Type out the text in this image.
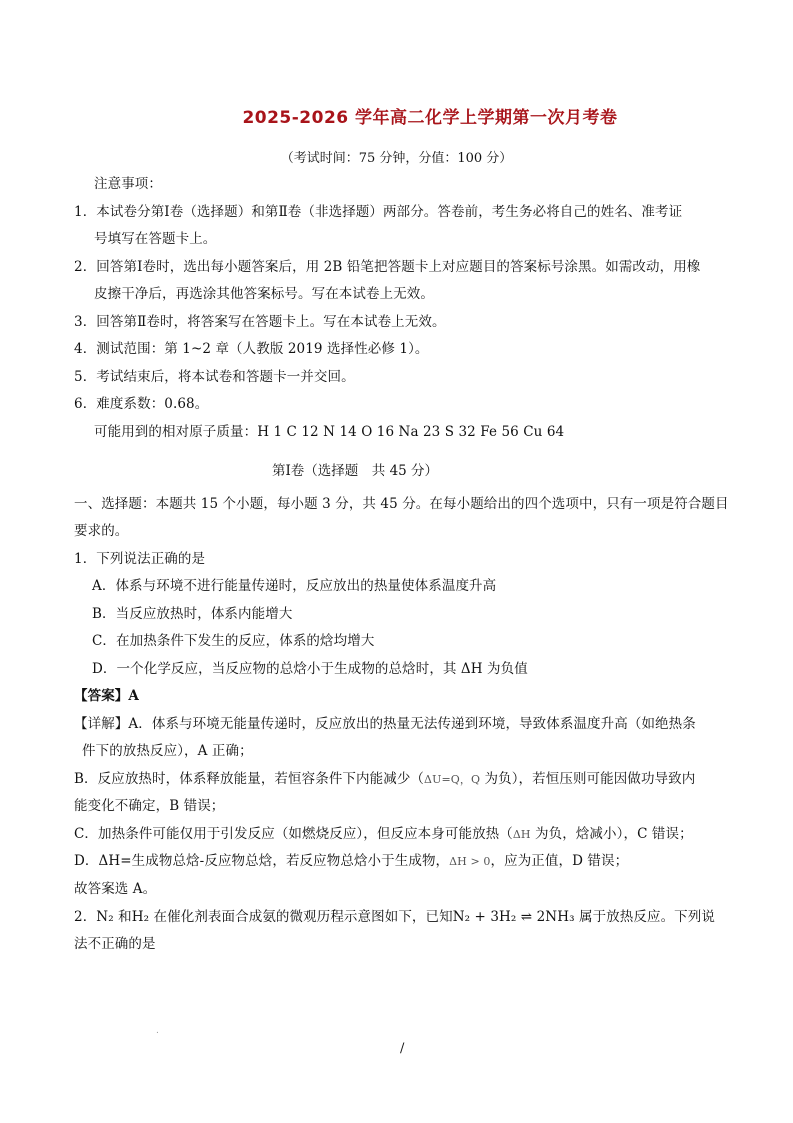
2025-2026 学年高二化学上学期第一次月考卷
（考试时间：75 分钟，分值：100 分）
注意事项：
1．本试卷分第Ⅰ卷（选择题）和第Ⅱ卷（非选择题）两部分。答卷前，考生务必将自己的姓名、准考证
号填写在答题卡上。
2．回答第Ⅰ卷时，选出每小题答案后，用 2B 铅笔把答题卡上对应题目的答案标号涂黑。如需改动，用橡
皮擦干净后，再选涂其他答案标号。写在本试卷上无效。
3．回答第Ⅱ卷时，将答案写在答题卡上。写在本试卷上无效。
4．测试范围：第 1~2 章（人教版 2019 选择性必修 1）。
5．考试结束后，将本试卷和答题卡一并交回。
6．难度系数：0.68。
可能用到的相对原子质量：H 1 C 12 N 14 O 16 Na 23 S 32 Fe 56 Cu 64
第Ⅰ卷（选择题　共 45 分）
一、选择题：本题共 15 个小题，每小题 3 分，共 45 分。在每小题给出的四个选项中，只有一项是符合题目
要求的。
1．下列说法正确的是
A．体系与环境不进行能量传递时，反应放出的热量使体系温度升高
B．当反应放热时，体系内能增大
C．在加热条件下发生的反应，体系的焓均增大
D．一个化学反应，当反应物的总焓小于生成物的总焓时，其 ΔH 为负值
【答案】A
【详解】A．体系与环境无能量传递时，反应放出的热量无法传递到环境，导致体系温度升高（如绝热条
件下的放热反应），A 正确；
B．反应放热时，体系释放能量，若恒容条件下内能减少（ΔU=Q，Q 为负），若恒压则可能因做功导致内
能变化不确定，B 错误；
C．加热条件可能仅用于引发反应（如燃烧反应），但反应本身可能放热（ΔH 为负，焓减小），C 错误；
D．ΔH=生成物总焓-反应物总焓，若反应物总焓小于生成物，ΔH > 0，应为正值，D 错误；
故答案选 A。
2．N₂ 和H₂ 在催化剂表面合成氨的微观历程示意图如下，已知N₂ + 3H₂ ⇌ 2NH₃ 属于放热反应。下列说
法不正确的是
.
/
